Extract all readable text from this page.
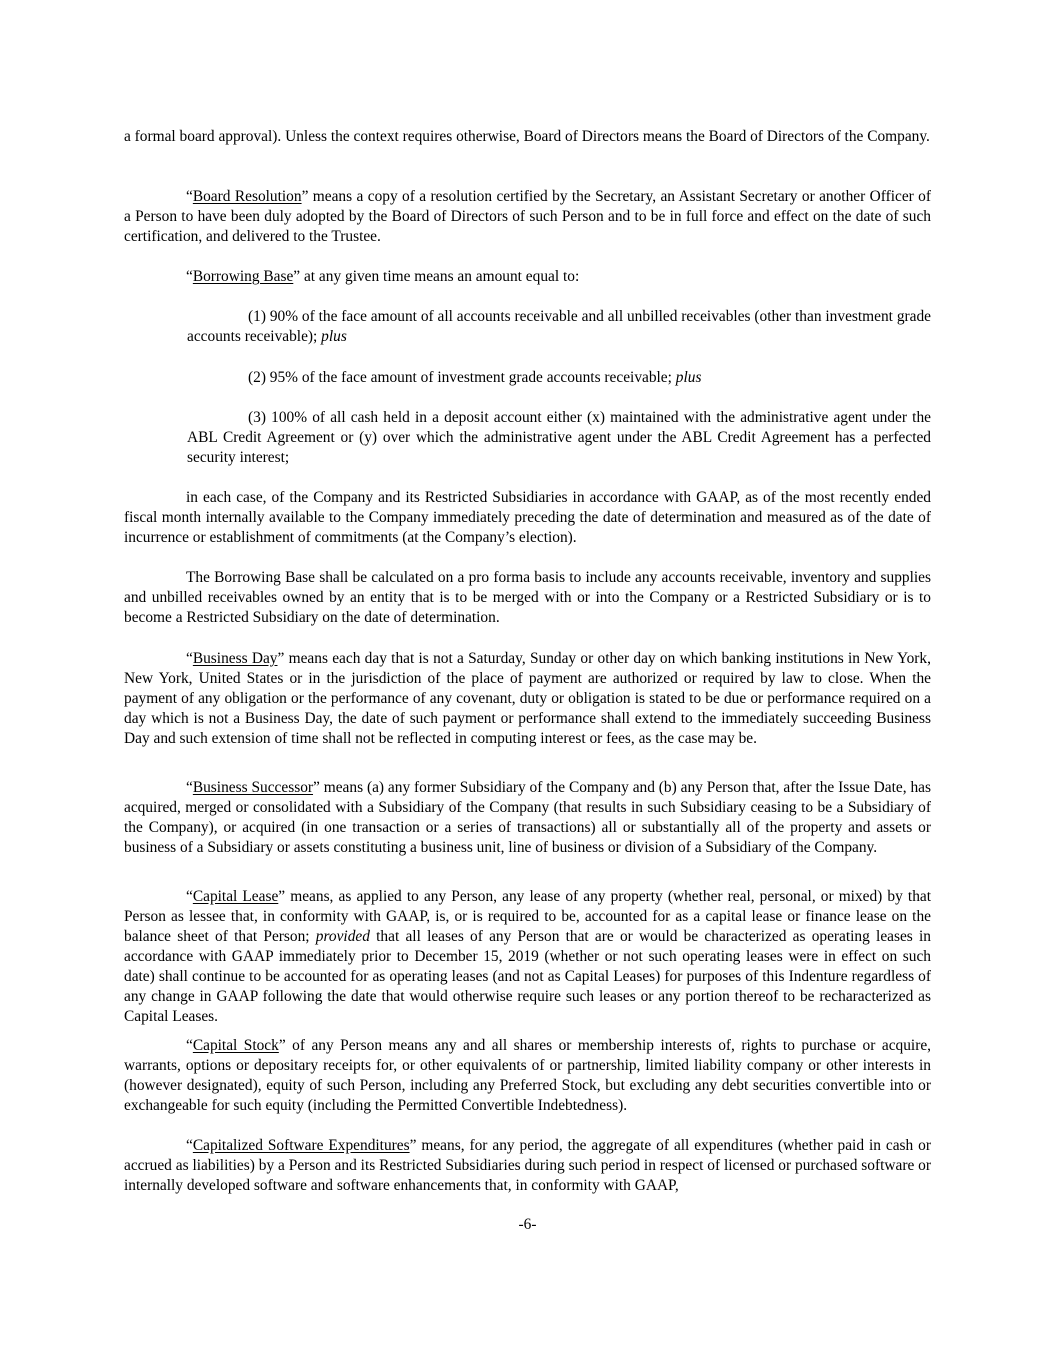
a formal board approval). Unless the context requires otherwise, Board of Directors means the Board of Directors of the Company.

“Board Resolution” means a copy of a resolution certified by the Secretary, an Assistant Secretary or another Officer of a Person to have been duly adopted by the Board of Directors of such Person and to be in full force and effect on the date of such certification, and delivered to the Trustee.

“Borrowing Base” at any given time means an amount equal to:

(1) 90% of the face amount of all accounts receivable and all unbilled receivables (other than investment grade accounts receivable); plus

(2) 95% of the face amount of investment grade accounts receivable; plus

(3) 100% of all cash held in a deposit account either (x) maintained with the administrative agent under the ABL Credit Agreement or (y) over which the administrative agent under the ABL Credit Agreement has a perfected security interest;

in each case, of the Company and its Restricted Subsidiaries in accordance with GAAP, as of the most recently ended fiscal month internally available to the Company immediately preceding the date of determination and measured as of the date of incurrence or establishment of commitments (at the Company’s election).

The Borrowing Base shall be calculated on a pro forma basis to include any accounts receivable, inventory and supplies and unbilled receivables owned by an entity that is to be merged with or into the Company or a Restricted Subsidiary or is to become a Restricted Subsidiary on the date of determination.

“Business Day” means each day that is not a Saturday, Sunday or other day on which banking institutions in New York, New York, United States or in the jurisdiction of the place of payment are authorized or required by law to close. When the payment of any obligation or the performance of any covenant, duty or obligation is stated to be due or performance required on a day which is not a Business Day, the date of such payment or performance shall extend to the immediately succeeding Business Day and such extension of time shall not be reflected in computing interest or fees, as the case may be.

“Business Successor” means (a) any former Subsidiary of the Company and (b) any Person that, after the Issue Date, has acquired, merged or consolidated with a Subsidiary of the Company (that results in such Subsidiary ceasing to be a Subsidiary of the Company), or acquired (in one transaction or a series of transactions) all or substantially all of the property and assets or business of a Subsidiary or assets constituting a business unit, line of business or division of a Subsidiary of the Company.

“Capital Lease” means, as applied to any Person, any lease of any property (whether real, personal, or mixed) by that Person as lessee that, in conformity with GAAP, is, or is required to be, accounted for as a capital lease or finance lease on the balance sheet of that Person; provided that all leases of any Person that are or would be characterized as operating leases in accordance with GAAP immediately prior to December 15, 2019 (whether or not such operating leases were in effect on such date) shall continue to be accounted for as operating leases (and not as Capital Leases) for purposes of this Indenture regardless of any change in GAAP following the date that would otherwise require such leases or any portion thereof to be recharacterized as Capital Leases.

“Capital Stock” of any Person means any and all shares or membership interests of, rights to purchase or acquire, warrants, options or depositary receipts for, or other equivalents of or partnership, limited liability company or other interests in (however designated), equity of such Person, including any Preferred Stock, but excluding any debt securities convertible into or exchangeable for such equity (including the Permitted Convertible Indebtedness).

“Capitalized Software Expenditures” means, for any period, the aggregate of all expenditures (whether paid in cash or accrued as liabilities) by a Person and its Restricted Subsidiaries during such period in respect of licensed or purchased software or internally developed software and software enhancements that, in conformity with GAAP,

-6-
